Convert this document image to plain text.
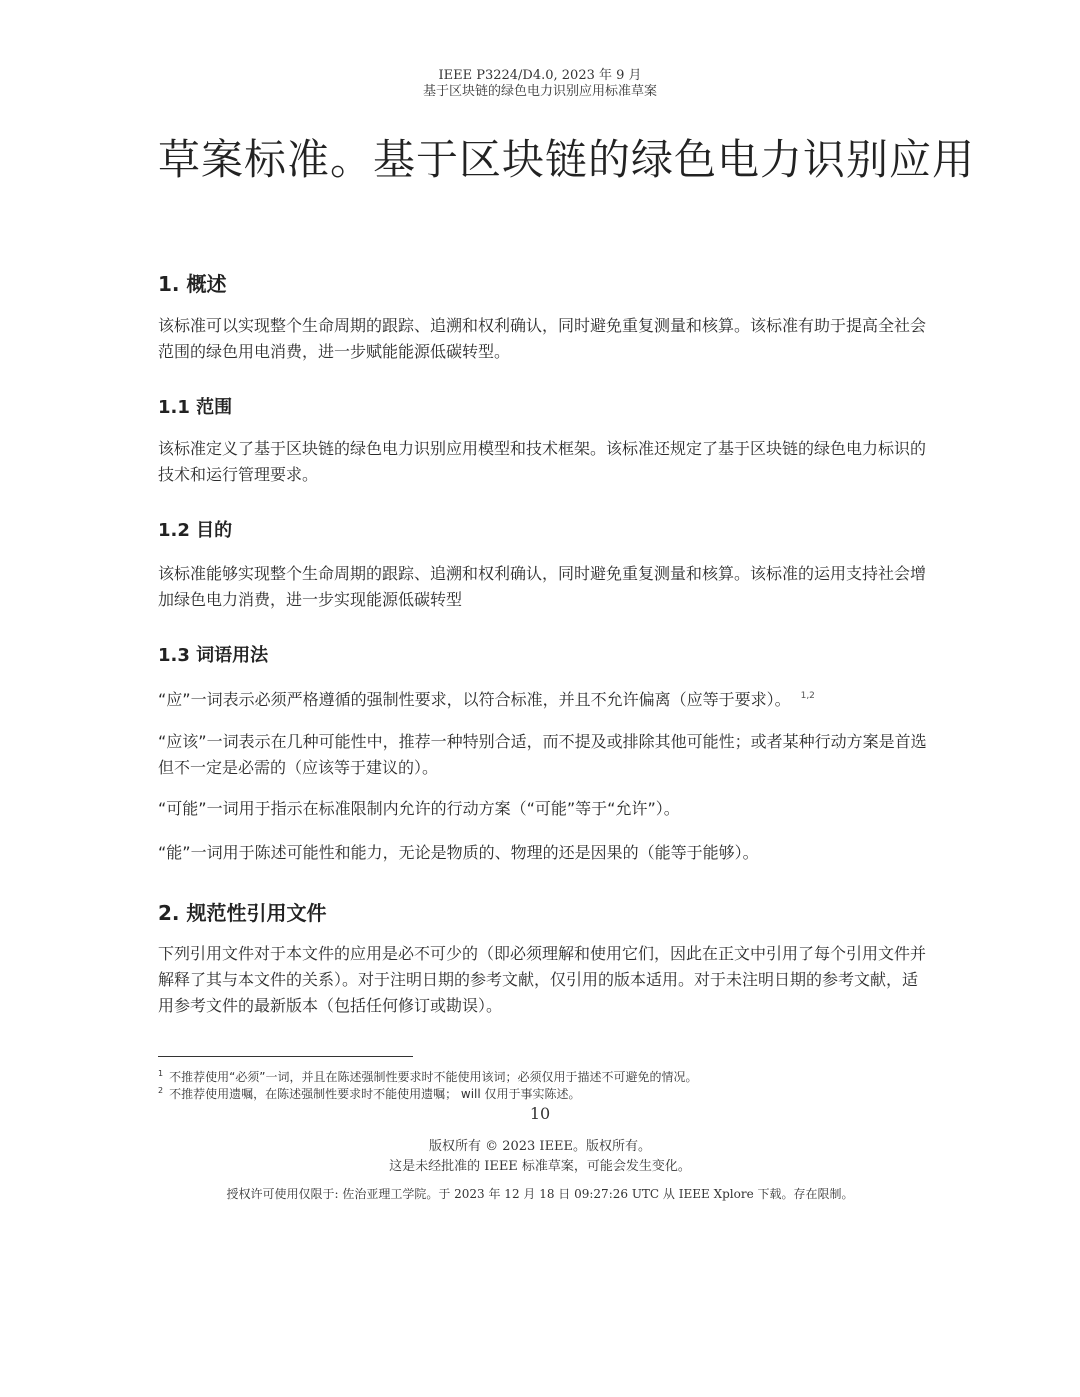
IEEE P3224/D4.0, 2023 年 9 月
基于区块链的绿色电力识别应用标准草案
草案标准。基于区块链的绿色电力识别应用
1. 概述
该标准可以实现整个生命周期的跟踪、追溯和权利确认，同时避免重复测量和核算。该标准有助于提高全社会范围的绿色用电消费，进一步赋能能源低碳转型。
1.1 范围
该标准定义了基于区块链的绿色电力识别应用模型和技术框架。该标准还规定了基于区块链的绿色电力标识的技术和运行管理要求。
1.2 目的
该标准能够实现整个生命周期的跟踪、追溯和权利确认，同时避免重复测量和核算。该标准的运用支持社会增加绿色电力消费，进一步实现能源低碳转型
1.3 词语用法
“应”一词表示必须严格遵循的强制性要求，以符合标准，并且不允许偏离（应等于要求）。 $^{1,2}$
“应该”一词表示在几种可能性中，推荐一种特别合适，而不提及或排除其他可能性；或者某种行动方案是首选但不一定是必需的（应该等于建议的）。
“可能”一词用于指示在标准限制内允许的行动方案（“可能”等于“允许”）。
“能”一词用于陈述可能性和能力，无论是物质的、物理的还是因果的（能等于能够）。
2. 规范性引用文件
下列引用文件对于本文件的应用是必不可少的（即必须理解和使用它们，因此在正文中引用了每个引用文件并解释了其与本文件的关系）。对于注明日期的参考文献，仅引用的版本适用。对于未注明日期的参考文献，适用参考文件的最新版本（包括任何修订或勘误）。
$^1$ 不推荐使用“必须”一词，并且在陈述强制性要求时不能使用该词；必须仅用于描述不可避免的情况。
$^2$ 不推荐使用遗嘱，在陈述强制性要求时不能使用遗嘱； will 仅用于事实陈述。
10
版权所有 © 2023 IEEE。版权所有。
这是未经批准的 IEEE 标准草案，可能会发生变化。
授权许可使用仅限于: 佐治亚理工学院。于 2023 年 12 月 18 日 09:27:26 UTC 从 IEEE Xplore 下载。存在限制。
